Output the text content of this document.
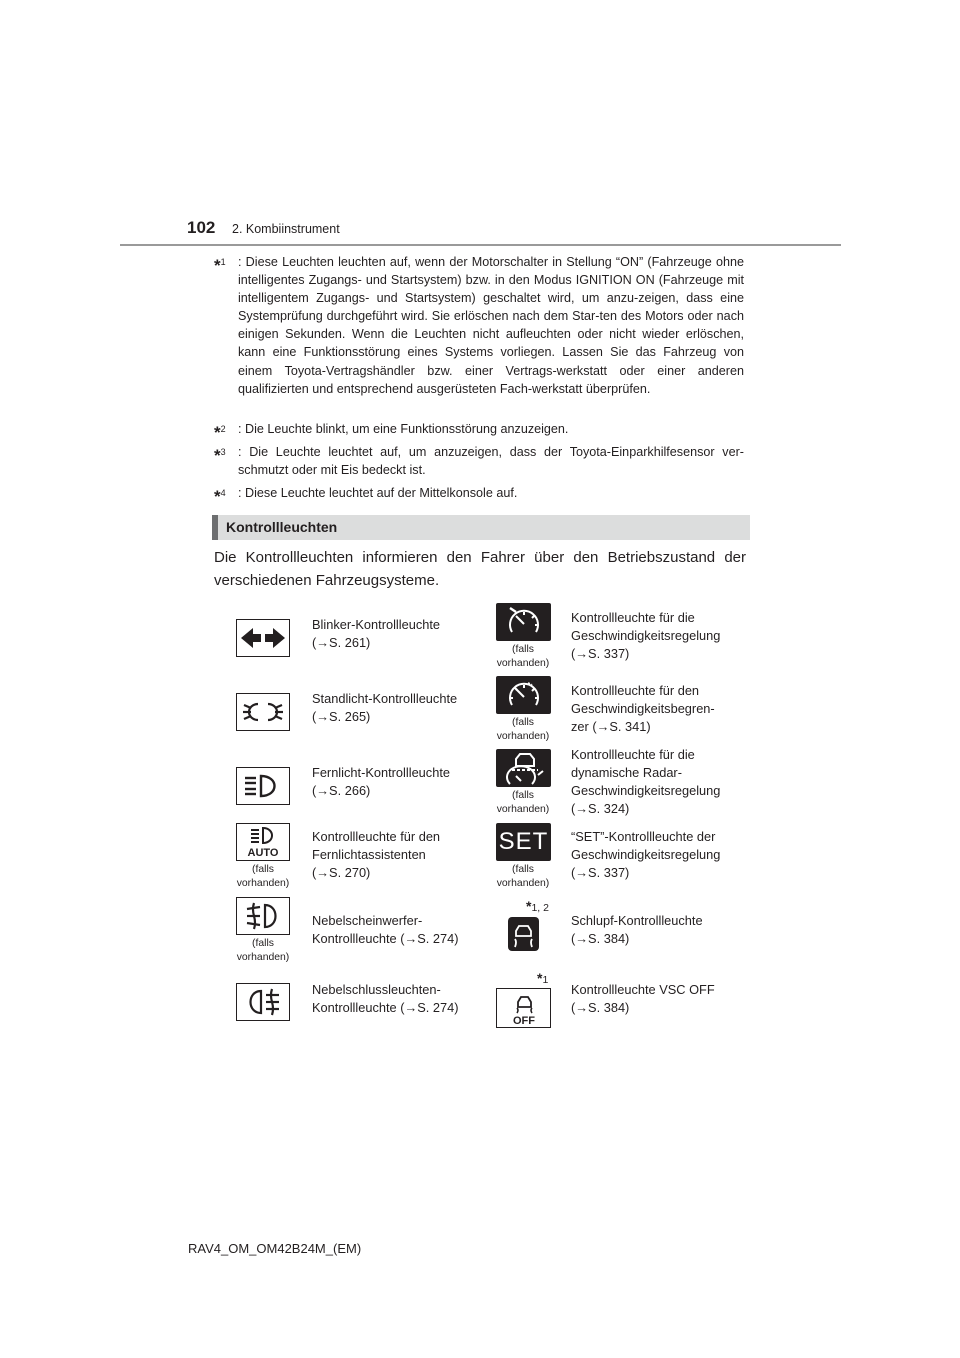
102 2. Kombiinstrument
*$^1$ : Diese Leuchten leuchten auf, wenn der Motorschalter in Stellung “ON” (Fahrzeuge ohne intelligentes Zugangs- und Startsystem) bzw. in den Modus IGNITION ON (Fahrzeuge mit intelligentem Zugangs- und Startsystem) geschaltet wird, um anzu-zeigen, dass eine Systemprüfung durchgeführt wird. Sie erlöschen nach dem Star-ten des Motors oder nach einigen Sekunden. Wenn die Leuchten nicht aufleuchten oder nicht wieder erlöschen, kann eine Funktionsstörung eines Systems vorliegen. Lassen Sie das Fahrzeug von einem Toyota-Vertragshändler bzw. einer Vertrags-werkstatt oder einer anderen qualifizierten und entsprechend ausgerüsteten Fach-werkstatt überprüfen.
*$^2$ : Die Leuchte blinkt, um eine Funktionsstörung anzuzeigen.
*$^3$ : Die Leuchte leuchtet auf, um anzuzeigen, dass der Toyota-Einparkhilfesensor ver-schmutzt oder mit Eis bedeckt ist.
*$^4$ : Diese Leuchte leuchtet auf der Mittelkonsole auf.
Kontrollleuchten
Die Kontrollleuchten informieren den Fahrer über den Betriebszustand der verschiedenen Fahrzeugsysteme.
Blinker-Kontrollleuchte
(→S. 261)
Standlicht-Kontrollleuchte
(→S. 265)
Fernlicht-Kontrollleuchte
(→S. 266)
AUTO
(falls
vorhanden)
Kontrollleuchte für den
Fernlichtassistenten
(→S. 270)
(falls
vorhanden)
Nebelscheinwerfer-
Kontrollleuchte (→S. 274)
Nebelschlussleuchten-
Kontrollleuchte (→S. 274)
(falls
vorhanden)
Kontrollleuchte für die
Geschwindigkeitsregelung
(→S. 337)
(falls
vorhanden)
Kontrollleuchte für den
Geschwindigkeitsbegren-
zer (→S. 341)
(falls
vorhanden)
Kontrollleuchte für die
dynamische Radar-
Geschwindigkeitsregelung
(→S. 324)
SET
(falls
vorhanden)
“SET”-Kontrollleuchte der
Geschwindigkeitsregelung
(→S. 337)
*1, 2
Schlupf-Kontrollleuchte
(→S. 384)
*1
OFF
Kontrollleuchte VSC OFF
(→S. 384)
RAV4_OM_OM42B24M_(EM)
